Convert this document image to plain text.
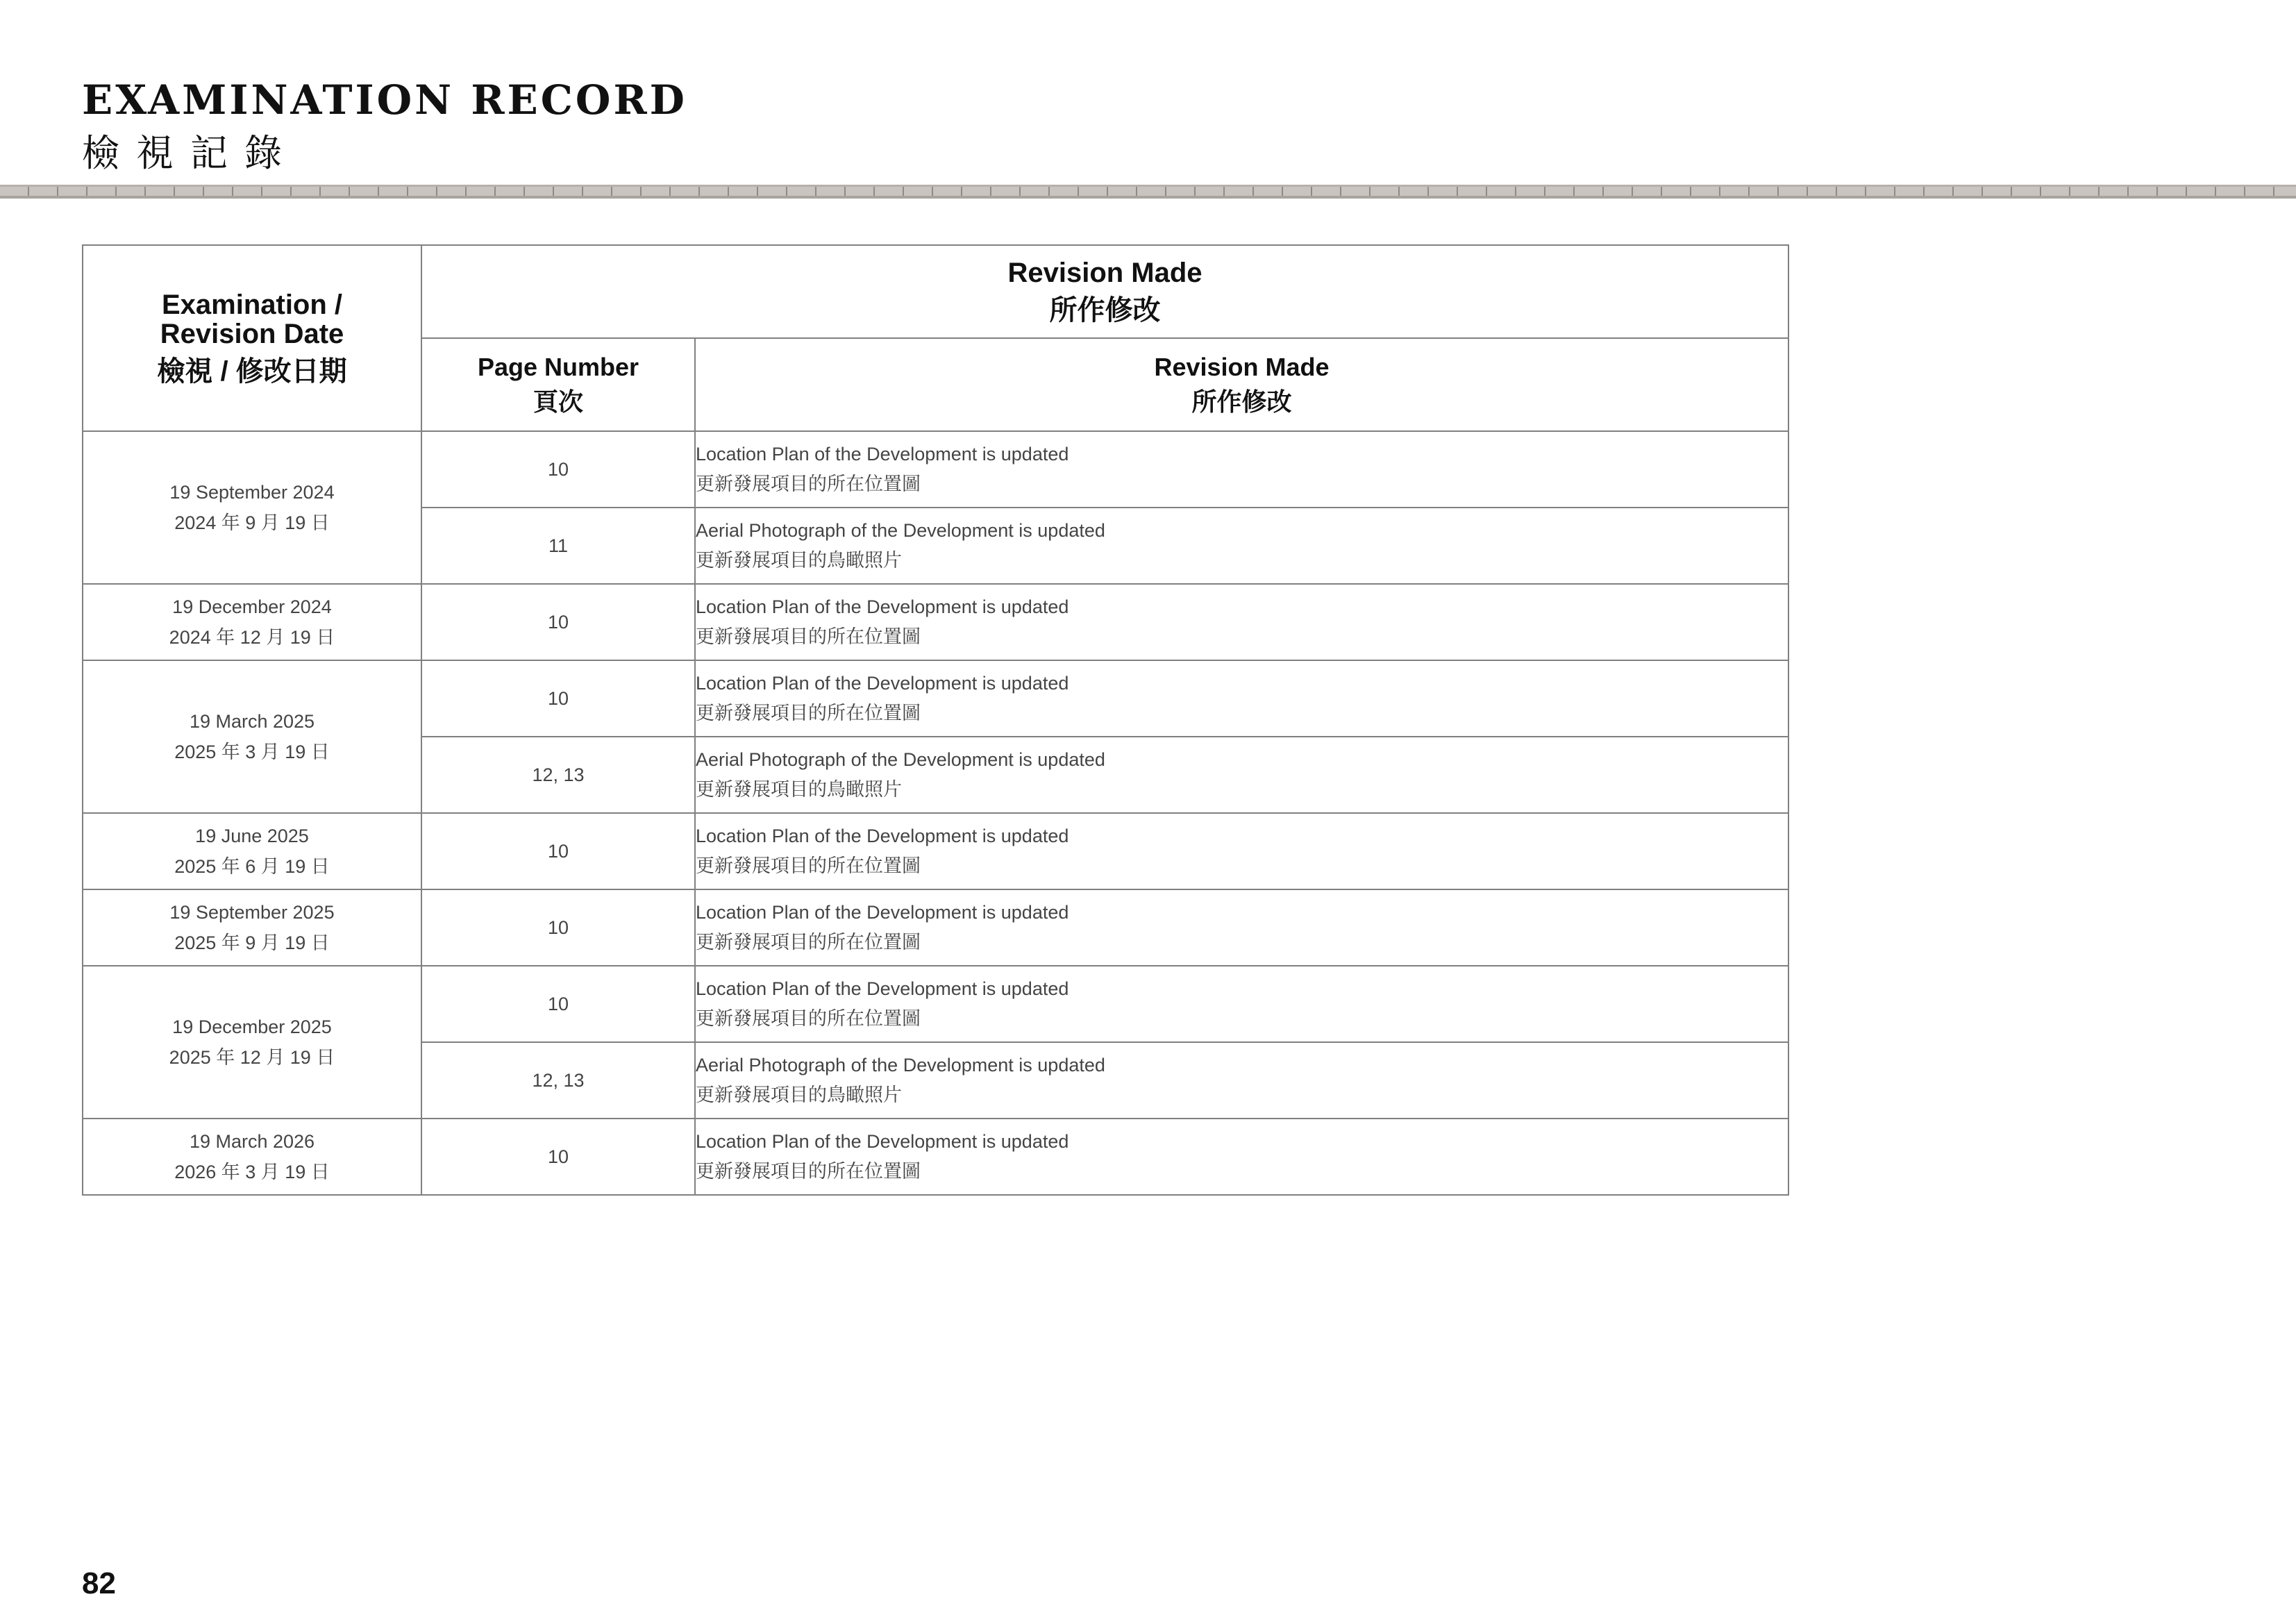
EXAMINATION RECORD
檢視記錄
Examination /
Revision Date
檢視 / 修改日期	Revision Made
所作修改	

	Page Number
頁次	Revision Made
所作修改

19 September 2024
2024 年 9 月 19 日	10	Location Plan of the Development is updated
更新發展項目的所在位置圖

	11	Aerial Photograph of the Development is updated
更新發展項目的鳥瞰照片

19 December 2024
2024 年 12 月 19 日	10	Location Plan of the Development is updated
更新發展項目的所在位置圖

19 March 2025
2025 年 3 月 19 日	10	Location Plan of the Development is updated
更新發展項目的所在位置圖

	12, 13	Aerial Photograph of the Development is updated
更新發展項目的鳥瞰照片

19 June 2025
2025 年 6 月 19 日	10	Location Plan of the Development is updated
更新發展項目的所在位置圖

19 September 2025
2025 年 9 月 19 日	10	Location Plan of the Development is updated
更新發展項目的所在位置圖

19 December 2025
2025 年 12 月 19 日	10	Location Plan of the Development is updated
更新發展項目的所在位置圖

	12, 13	Aerial Photograph of the Development is updated
更新發展項目的鳥瞰照片

19 March 2026
2026 年 3 月 19 日	10	Location Plan of the Development is updated
更新發展項目的所在位置圖
82
